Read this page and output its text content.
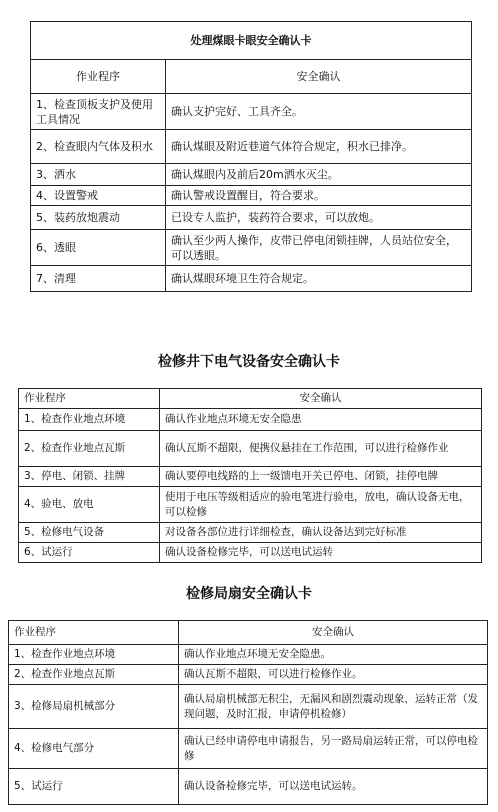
处理煤眼卡眼安全确认卡	
作业程序	安全确认
1、检查顶板支护及使用工具情况	确认支护完好、工具齐全。
2、检查眼内气体及积水	确认煤眼及附近巷道气体符合规定，积水已排净。
3、洒水	确认煤眼内及前后20m洒水灭尘。
4、设置警戒	确认警戒设置醒目，符合要求。
5、装药放炮震动	已设专人监护，装药符合要求，可以放炮。
6、透眼	确认至少两人操作，皮带已停电闭锁挂牌，人员站位安全，可以透眼。
7、清理	确认煤眼环境卫生符合规定。
检修井下电气设备安全确认卡
作业程序	安全确认
1、检查作业地点环境	确认作业地点环境无安全隐患
2、检查作业地点瓦斯	确认瓦斯不超限，便携仪悬挂在工作范围，可以进行检修作业
3、停电、闭锁、挂牌	确认要停电线路的上一级馈电开关已停电、闭锁，挂停电牌
4、验电、放电	使用于电压等级相适应的验电笔进行验电，放电，确认设备无电，可以检修
5、检修电气设备	对设备各部位进行详细检查，确认设备达到完好标准
6、试运行	确认设备检修完毕，可以送电试运转
检修局扇安全确认卡
作业程序	安全确认
1、检查作业地点环境	确认作业地点环境无安全隐患。
2、检查作业地点瓦斯	确认瓦斯不超限，可以进行检修作业。
3、检修局扇机械部分	确认局扇机械部无积尘，无漏风和剧烈震动现象，运转正常（发现问题，及时汇报，申请停机检修）
4、检修电气部分	确认已经申请停电申请报告，另一路局扇运转正常，可以停电检修
5、试运行	确认设备检修完毕，可以送电试运转。
